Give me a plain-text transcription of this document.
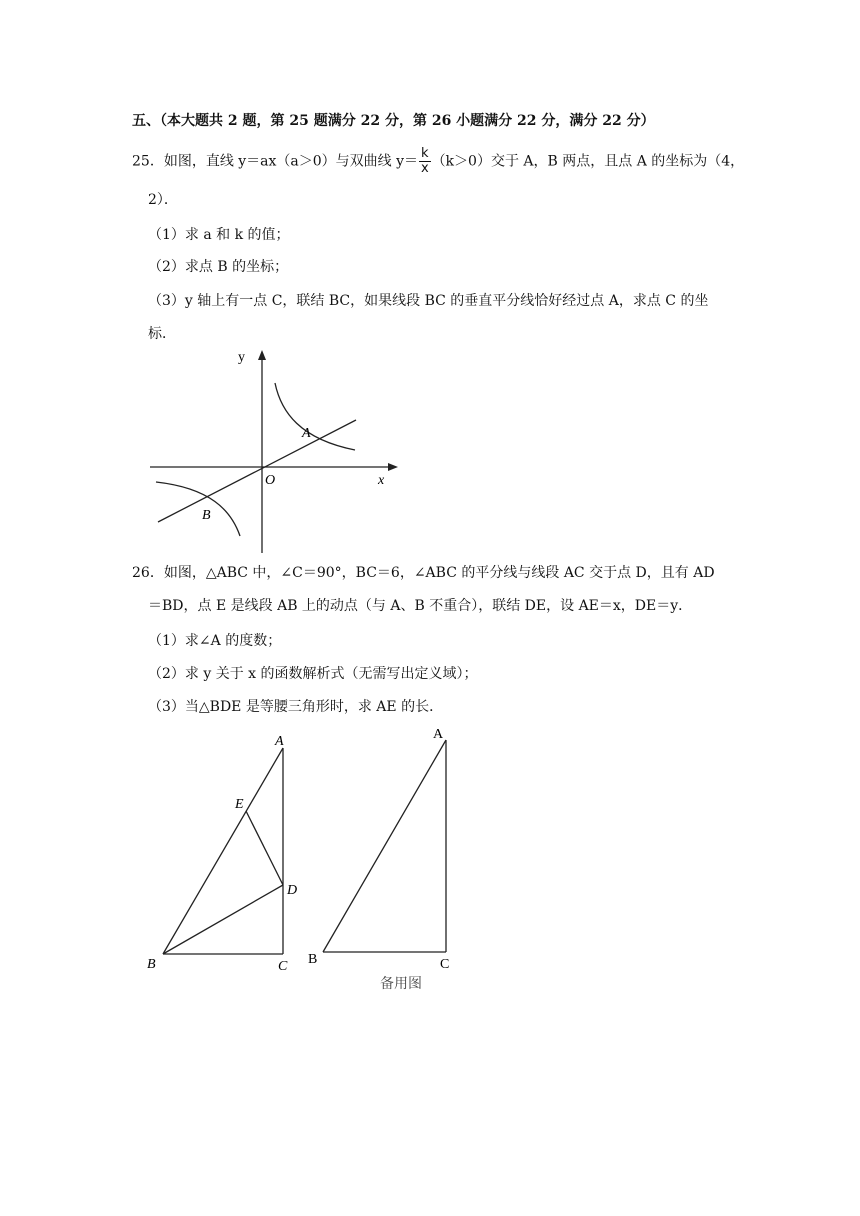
五、（本大题共 2 题，第 25 题满分 22 分，第 26 小题满分 22 分，满分 22 分）
25．如图，直线 y＝ax（a＞0）与双曲线 $y= \frac{k}{x} (k>0)$交于 A，B 两点，且点 A 的坐标为（4，
2）．
（1）求 a 和 k 的值；
（2）求点 B 的坐标；
（3）y 轴上有一点 C，联结 BC，如果线段 BC 的垂直平分线恰好经过点 A，求点 C 的坐
标．
y
x
O
A
B
26．如图，△ABC 中，∠C＝90°，BC＝6，∠ABC 的平分线与线段 AC 交于点 D，且有 AD
＝BD，点 E 是线段 AB 上的动点（与 A、B 不重合），联结 DE，设 AE＝x，DE＝y．
（1）求∠A 的度数；
（2）求 y 关于 x 的函数解析式（无需写出定义域）；
（3）当△BDE 是等腰三角形时，求 AE 的长．
A
E
D
B	C
A
B	C
备用图
